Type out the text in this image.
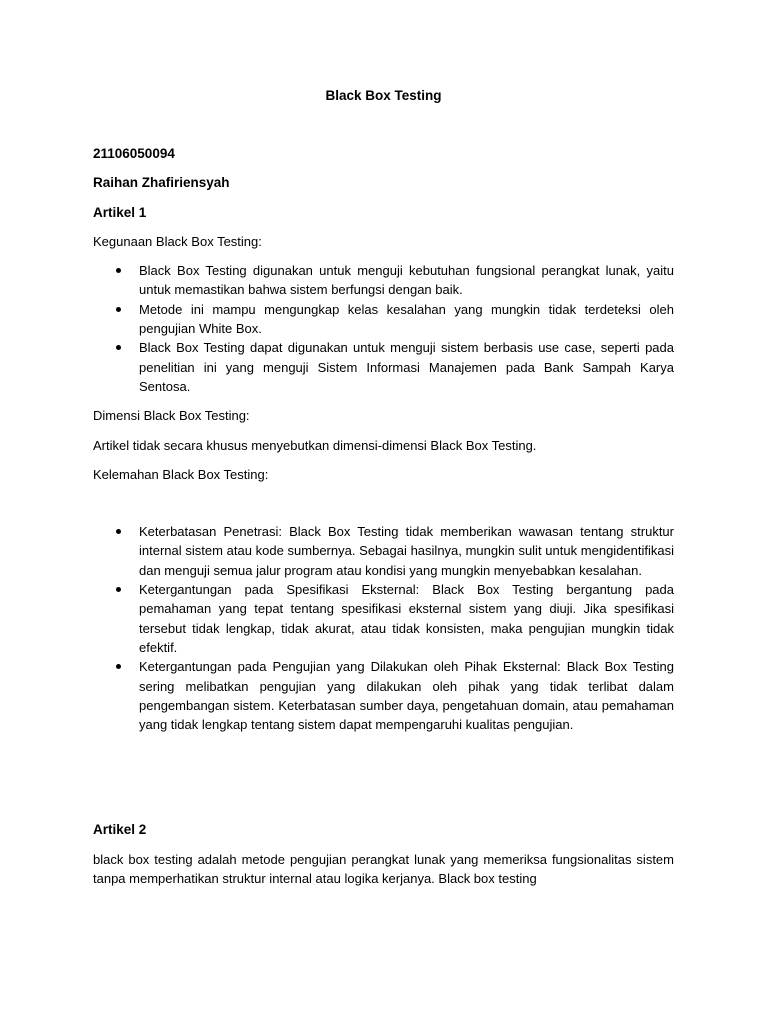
Black Box Testing

21106050094

Raihan Zhafiriensyah

Artikel 1

Kegunaan Black Box Testing:

Black Box Testing digunakan untuk menguji kebutuhan fungsional perangkat lunak, yaitu untuk memastikan bahwa sistem berfungsi dengan baik.
Metode ini mampu mengungkap kelas kesalahan yang mungkin tidak terdeteksi oleh pengujian White Box.
Black Box Testing dapat digunakan untuk menguji sistem berbasis use case, seperti pada penelitian ini yang menguji Sistem Informasi Manajemen pada Bank Sampah Karya Sentosa.

Dimensi Black Box Testing:

Artikel tidak secara khusus menyebutkan dimensi-dimensi Black Box Testing.

Kelemahan Black Box Testing:

Keterbatasan Penetrasi: Black Box Testing tidak memberikan wawasan tentang struktur internal sistem atau kode sumbernya. Sebagai hasilnya, mungkin sulit untuk mengidentifikasi dan menguji semua jalur program atau kondisi yang mungkin menyebabkan kesalahan.
Ketergantungan pada Spesifikasi Eksternal: Black Box Testing bergantung pada pemahaman yang tepat tentang spesifikasi eksternal sistem yang diuji. Jika spesifikasi tersebut tidak lengkap, tidak akurat, atau tidak konsisten, maka pengujian mungkin tidak efektif.
Ketergantungan pada Pengujian yang Dilakukan oleh Pihak Eksternal: Black Box Testing sering melibatkan pengujian yang dilakukan oleh pihak yang tidak terlibat dalam pengembangan sistem. Keterbatasan sumber daya, pengetahuan domain, atau pemahaman yang tidak lengkap tentang sistem dapat mempengaruhi kualitas pengujian.

Artikel 2

black box testing adalah metode pengujian perangkat lunak yang memeriksa fungsionalitas sistem tanpa memperhatikan struktur internal atau logika kerjanya. Black box testing
